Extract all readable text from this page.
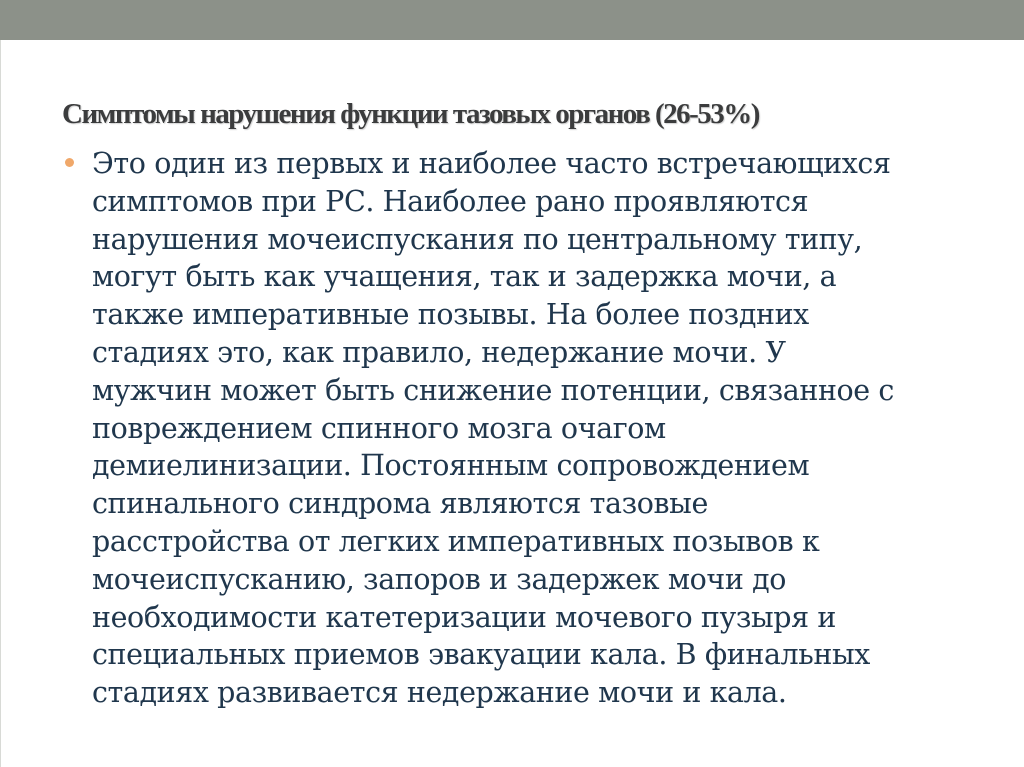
Симптомы нарушения функции тазовых органов (26-53%)
Это один из первых и наиболее часто встречающихся
симптомов при РС. Наиболее рано проявляются
нарушения мочеиспускания по центральному типу,
могут быть как учащения, так и задержка мочи, а
также императивные позывы. На более поздних
стадиях это, как правило, недержание мочи. У
мужчин может быть снижение потенции, связанное с
повреждением спинного мозга очагом
демиелинизации. Постоянным сопровождением
спинального синдрома являются тазовые
расстройства от легких императивных позывов к
мочеиспусканию, запоров и задержек мочи до
необходимости катетеризации мочевого пузыря и
специальных приемов эвакуации кала. В финальных
стадиях развивается недержание мочи и кала.
